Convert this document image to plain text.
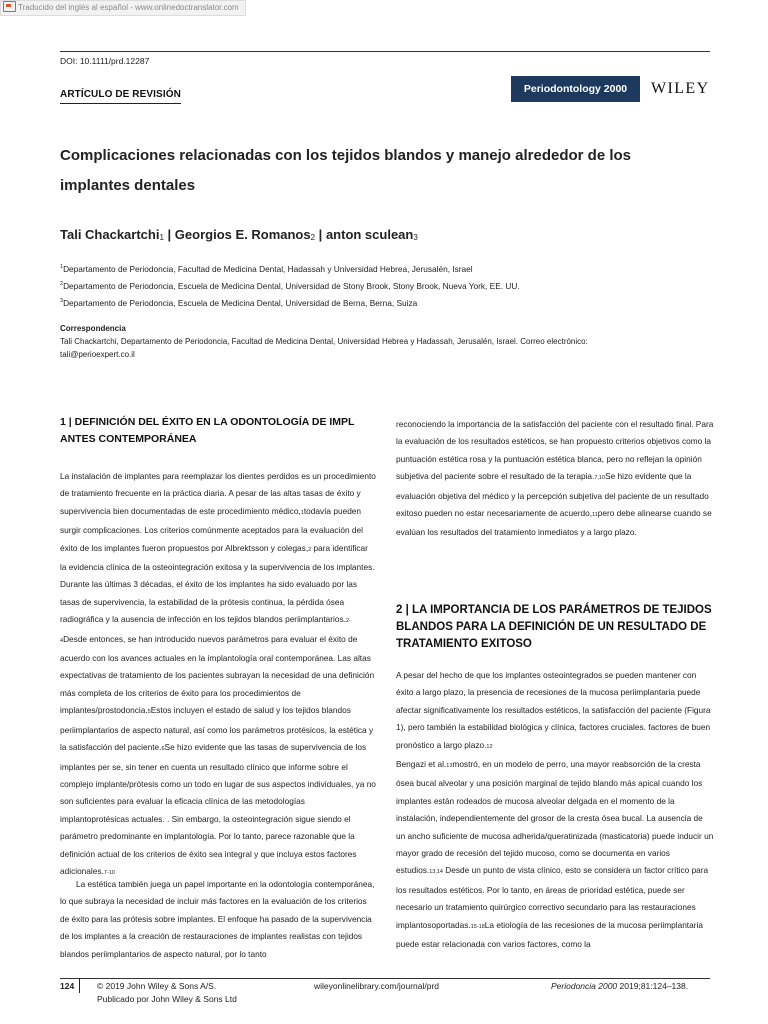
Traducido del inglés al español - www.onlinedoctranslator.com
DOI: 10.1111/prd.12287
ARTÍCULO DE REVISIÓN	Periodontology 2000	WILEY
Complicaciones relacionadas con los tejidos blandos y manejo alrededor de los implantes dentales
Tali Chackartchi$_1$ | Georgios E. Romanos$_2$ | anton sculean$_3$
$^1$Departamento de Periodoncia, Facultad de Medicina Dental, Hadassah y Universidad Hebrea, Jerusalén, Israel
$^2$Departamento de Periodoncia, Escuela de Medicina Dental, Universidad de Stony Brook, Stony Brook, Nueva York, EE. UU.
$^3$Departamento de Periodoncia, Escuela de Medicina Dental, Universidad de Berna, Berna, Suiza
Correspondencia
Tali Chackartchi, Departamento de Periodoncia, Facultad de Medicina Dental, Universidad Hebrea y Hadassah, Jerusalén, Israel. Correo electrónico: tali@perioexpert.co.il
1 | DEFINICIÓN DEL ÉXITO EN LA ODONTOLOGÍA DE IMPL ANTES CONTEMPORÁNEA

La instalación de implantes para reemplazar los dientes perdidos es un procedimiento de tratamiento frecuente en la práctica diaria. A pesar de las altas tasas de éxito y supervivencia bien documentadas de este procedimiento médico,1todavía pueden surgir complicaciones. Los criterios comúnmente aceptados para la evaluación del éxito de los implantes fueron propuestos por Albrektsson y colegas,2 para identificar la evidencia clínica de la osteointegración exitosa y la supervivencia de los implantes. Durante las últimas 3 décadas, el éxito de los implantes ha sido evaluado por las tasas de supervivencia, la estabilidad de la prótesis continua, la pérdida ósea radiográfica y la ausencia de infección en los tejidos blandos periimplantarios.2-4Desde entonces, se han introducido nuevos parámetros para evaluar el éxito de acuerdo con los avances actuales en la implantología oral contemporánea. Las altas expectativas de tratamiento de los pacientes subrayan la necesidad de una definición más completa de los criterios de éxito para los procedimientos de implantes/prostodoncia.5Estos incluyen el estado de salud y los tejidos blandos periimplantarios de aspecto natural, así como los parámetros protésicos, la estética y la satisfacción del paciente.6Se hizo evidente que las tasas de supervivencia de los implantes per se, sin tener en cuenta un resultado clínico que informe sobre el complejo implante/prótesis como un todo en lugar de sus aspectos individuales, ya no son suficientes para evaluar la eficacia clínica de las metodologías implantoprotésicas actuales. . Sin embargo, la osteointegración sigue siendo el parámetro predominante en implantología. Por lo tanto, parece razonable que la definición actual de los criterios de éxito sea integral y que incluya estos factores adicionales.7-10

La estética también juega un papel importante en la odontología contemporánea, lo que subraya la necesidad de incluir más factores en la evaluación de los criterios de éxito para las prótesis sobre implantes. El enfoque ha pasado de la supervivencia de los implantes a la creación de restauraciones de implantes realistas con tejidos blandos periimplantarios de aspecto natural, por lo tanto

reconociendo la importancia de la satisfacción del paciente con el resultado final. Para la evaluación de los resultados estéticos, se han propuesto criterios objetivos como la puntuación estética rosa y la puntuación estética blanca, pero no reflejan la opinión subjetiva del paciente sobre el resultado de la terapia.7,10Se hizo evidente que la evaluación objetiva del médico y la percepción subjetiva del paciente de un resultado exitoso pueden no estar necesariamente de acuerdo,11pero debe alinearse cuando se evalúan los resultados del tratamiento inmediatos y a largo plazo.

2 | LA IMPORTANCIA DE LOS PARÁMETROS DE TEJIDOS BLANDOS PARA LA DEFINICIÓN DE UN RESULTADO DE TRATAMIENTO EXITOSO

A pesar del hecho de que los implantes osteointegrados se pueden mantener con éxito a largo plazo, la presencia de recesiones de la mucosa periimplantaria puede afectar significativamente los resultados estéticos, la satisfacción del paciente (Figura 1), pero también la estabilidad biológica y clínica, factores cruciales. factores de buen pronóstico a largo plazo.12

Bengazi et al.13mostró, en un modelo de perro, una mayor reabsorción de la cresta ósea bucal alveolar y una posición marginal de tejido blando más apical cuando los implantes están rodeados de mucosa alveolar delgada en el momento de la instalación, independientemente del grosor de la cresta ósea bucal. La ausencia de un ancho suficiente de mucosa adherida/queratinizada (masticatoria) puede inducir un mayor grado de recesión del tejido mucoso, como se documenta en varios estudios.13,14 Desde un punto de vista clínico, esto se considera un factor crítico para los resultados estéticos. Por lo tanto, en áreas de prioridad estética, puede ser necesario un tratamiento quirúrgico correctivo secundario para las restauraciones implantosoportadas.15-18La etiología de las recesiones de la mucosa periimplantaria puede estar relacionada con varios factores, como la

124	© 2019 John Wiley & Sons A/S.
Publicado por John Wiley & Sons Ltd
wileyonlinelibrary.com/journal/prd	Periodoncia 2000 2019;81:124–138.
